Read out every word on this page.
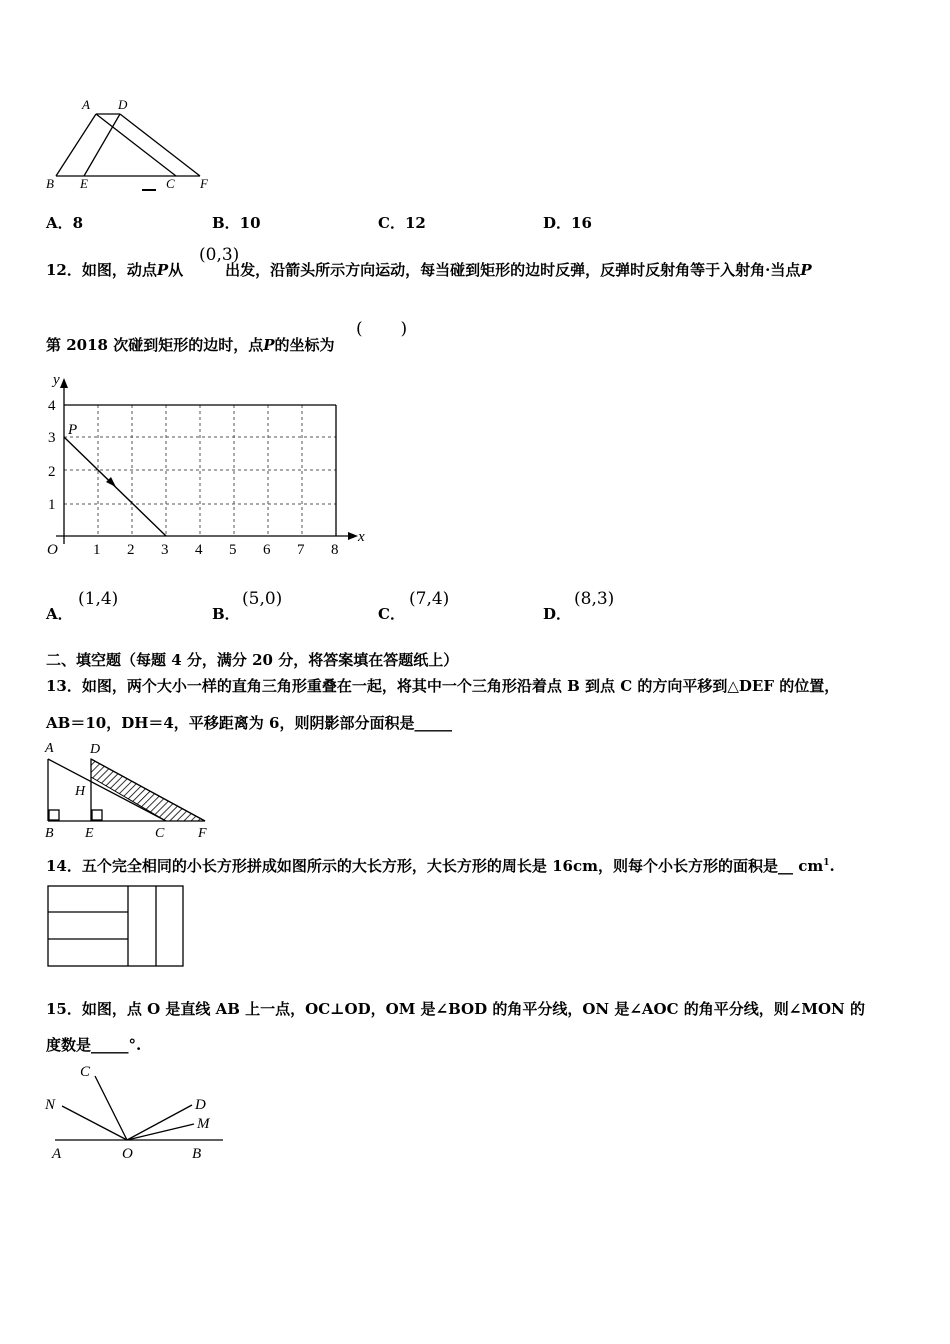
A D
B E	C F
A．8	B．10	C．12	D．16
12．如图，动点P从	出发，沿箭头所示方向运动，每当碰到矩形的边时反弹，反弹时反射角等于入射角·当点P
(0,3)
第 2018 次碰到矩形的边时，点P的坐标为
(       )
1 2 3 4 5 6 7 8
1
2
3
4
O
P
y
x
A．
(1,4)
B．
(5,0)
C．
(7,4)
D．
(8,3)
二、填空题（每题 4 分，满分 20 分，将答案填在答题纸上）
13．如图，两个大小一样的直角三角形重叠在一起，将其中一个三角形沿着点 B 到点 C 的方向平移到△DEF 的位置，
AB＝10，DH＝4，平移距离为 6，则阴影部分面积是_____
A	D
H
B E	C F
14．五个完全相同的小长方形拼成如图所示的大长方形，大长方形的周长是 16cm，则每个小长方形的面积是__ $cm^1$.
15．如图，点 O 是直线 AB 上一点，OC⊥OD，OM 是∠BOD 的角平分线，ON 是∠AOC 的角平分线，则∠MON 的
度数是_____°.
C
N	D
M
A	O	B
